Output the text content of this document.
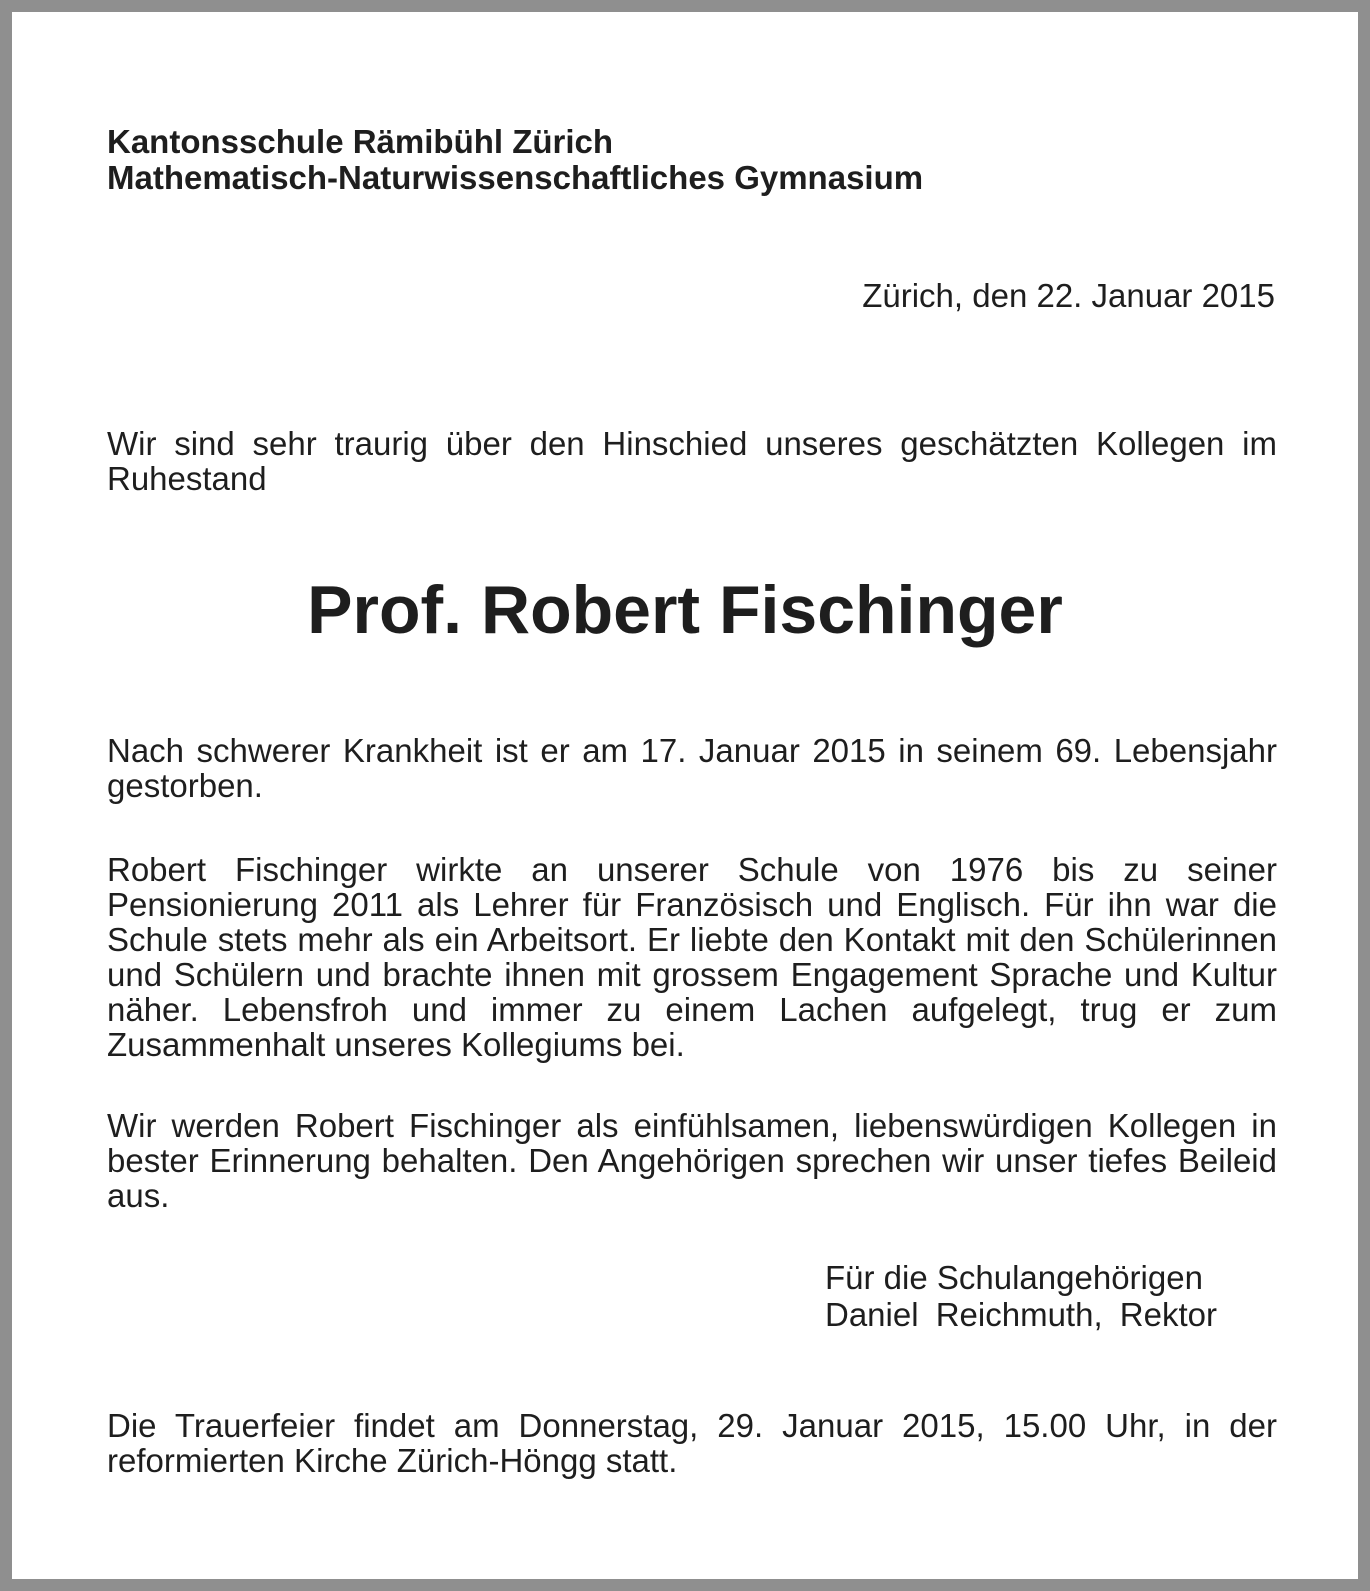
Kantonsschule Rämibühl Zürich
Mathematisch-Naturwissenschaftliches Gymnasium
Zürich, den 22. Januar 2015
Wir sind sehr traurig über den Hinschied unseres geschätzten Kollegen im Ruhestand
Prof. Robert Fischinger
Nach schwerer Krankheit ist er am 17. Januar 2015 in seinem 69. Lebensjahr gestorben.
Robert Fischinger wirkte an unserer Schule von 1976 bis zu seiner Pensionierung 2011 als Lehrer für Französisch und Englisch. Für ihn war die Schule stets mehr als ein Arbeitsort. Er liebte den Kontakt mit den Schülerinnen und Schülern und brachte ihnen mit grossem Engagement Sprache und Kultur näher. Lebensfroh und immer zu einem Lachen aufgelegt, trug er zum Zusammenhalt unseres Kollegiums bei.
Wir werden Robert Fischinger als einfühlsamen, liebenswürdigen Kollegen in bester Erinnerung behalten. Den Angehörigen sprechen wir unser tiefes Beileid aus.
Für die Schulangehörigen
Daniel Reichmuth, Rektor
Die Trauerfeier findet am Donnerstag, 29. Januar 2015, 15.00 Uhr, in der reformierten Kirche Zürich-Höngg statt.
